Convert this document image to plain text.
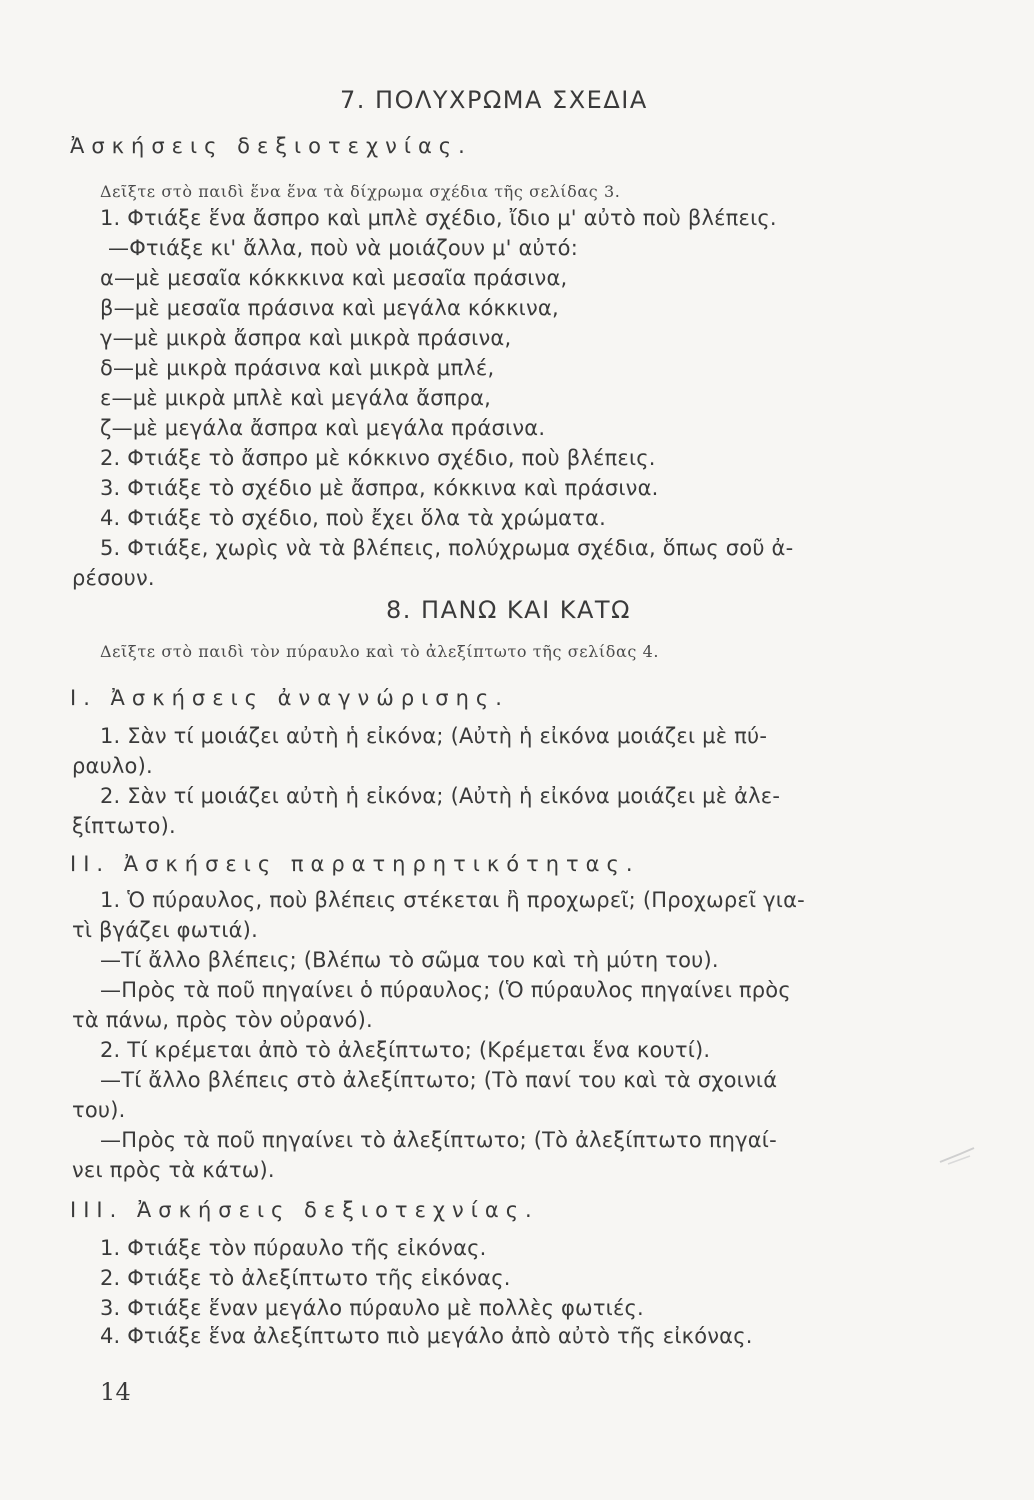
7. ΠΟΛΥΧΡΩΜΑ ΣΧΕΔΙΑ
Ἀσκήσεις δεξιοτεχνίας.
Δεῖξτε στὸ παιδὶ ἕνα ἕνα τὰ δίχρωμα σχέδια τῆς σελίδας 3.
1. Φτιάξε ἕνα ἄσπρο καὶ μπλὲ σχέδιο, ἴδιο μ' αὐτὸ ποὺ βλέπεις.
—Φτιάξε κι' ἄλλα, ποὺ νὰ μοιάζουν μ' αὐτό:
α—μὲ μεσαῖα κόκκκινα καὶ μεσαῖα πράσινα,
β—μὲ μεσαῖα πράσινα καὶ μεγάλα κόκκινα,
γ—μὲ μικρὰ ἄσπρα καὶ μικρὰ πράσινα,
δ—μὲ μικρὰ πράσινα καὶ μικρὰ μπλέ,
ε—μὲ μικρὰ μπλὲ καὶ μεγάλα ἄσπρα,
ζ—μὲ μεγάλα ἄσπρα καὶ μεγάλα πράσινα.
2. Φτιάξε τὸ ἄσπρο μὲ κόκκινο σχέδιο, ποὺ βλέπεις.
3. Φτιάξε τὸ σχέδιο μὲ ἄσπρα, κόκκινα καὶ πράσινα.
4. Φτιάξε τὸ σχέδιο, ποὺ ἔχει ὅλα τὰ χρώματα.
5. Φτιάξε, χωρὶς νὰ τὰ βλέπεις, πολύχρωμα σχέδια, ὅπως σοῦ ἀ-
ρέσουν.
8. ΠΑΝΩ ΚΑΙ ΚΑΤΩ
Δεῖξτε στὸ παιδὶ τὸν πύραυλο καὶ τὸ ἀλεξίπτωτο τῆς σελίδας 4.
Ι. Ἀσκήσεις ἀναγνώρισης.
1. Σὰν τί μοιάζει αὐτὴ ἡ εἰκόνα; (Αὐτὴ ἡ εἰκόνα μοιάζει μὲ πύ-
ραυλο).
2. Σὰν τί μοιάζει αὐτὴ ἡ εἰκόνα; (Αὐτὴ ἡ εἰκόνα μοιάζει μὲ ἀλε-
ξίπτωτο).
ΙΙ. Ἀσκήσεις παρατηρητικότητας.
1. Ὁ πύραυλος, ποὺ βλέπεις στέκεται ἢ προχωρεῖ; (Προχωρεῖ για-
τὶ βγάζει φωτιά).
—Τί ἄλλο βλέπεις; (Βλέπω τὸ σῶμα του καὶ τὴ μύτη του).
—Πρὸς τὰ ποῦ πηγαίνει ὁ πύραυλος; (Ὁ πύραυλος πηγαίνει πρὸς
τὰ πάνω, πρὸς τὸν οὐρανό).
2. Τί κρέμεται ἀπὸ τὸ ἀλεξίπτωτο; (Κρέμεται ἕνα κουτί).
—Τί ἄλλο βλέπεις στὸ ἀλεξίπτωτο; (Τὸ πανί του καὶ τὰ σχοινιά
του).
—Πρὸς τὰ ποῦ πηγαίνει τὸ ἀλεξίπτωτο; (Τὸ ἀλεξίπτωτο πηγαί-
νει πρὸς τὰ κάτω).
ΙΙΙ. Ἀσκήσεις δεξιοτεχνίας.
1. Φτιάξε τὸν πύραυλο τῆς εἰκόνας.
2. Φτιάξε τὸ ἀλεξίπτωτο τῆς εἰκόνας.
3. Φτιάξε ἕναν μεγάλο πύραυλο μὲ πολλὲς φωτιές.
4. Φτιάξε ἕνα ἀλεξίπτωτο πιὸ μεγάλο ἀπὸ αὐτὸ τῆς εἰκόνας.
14
